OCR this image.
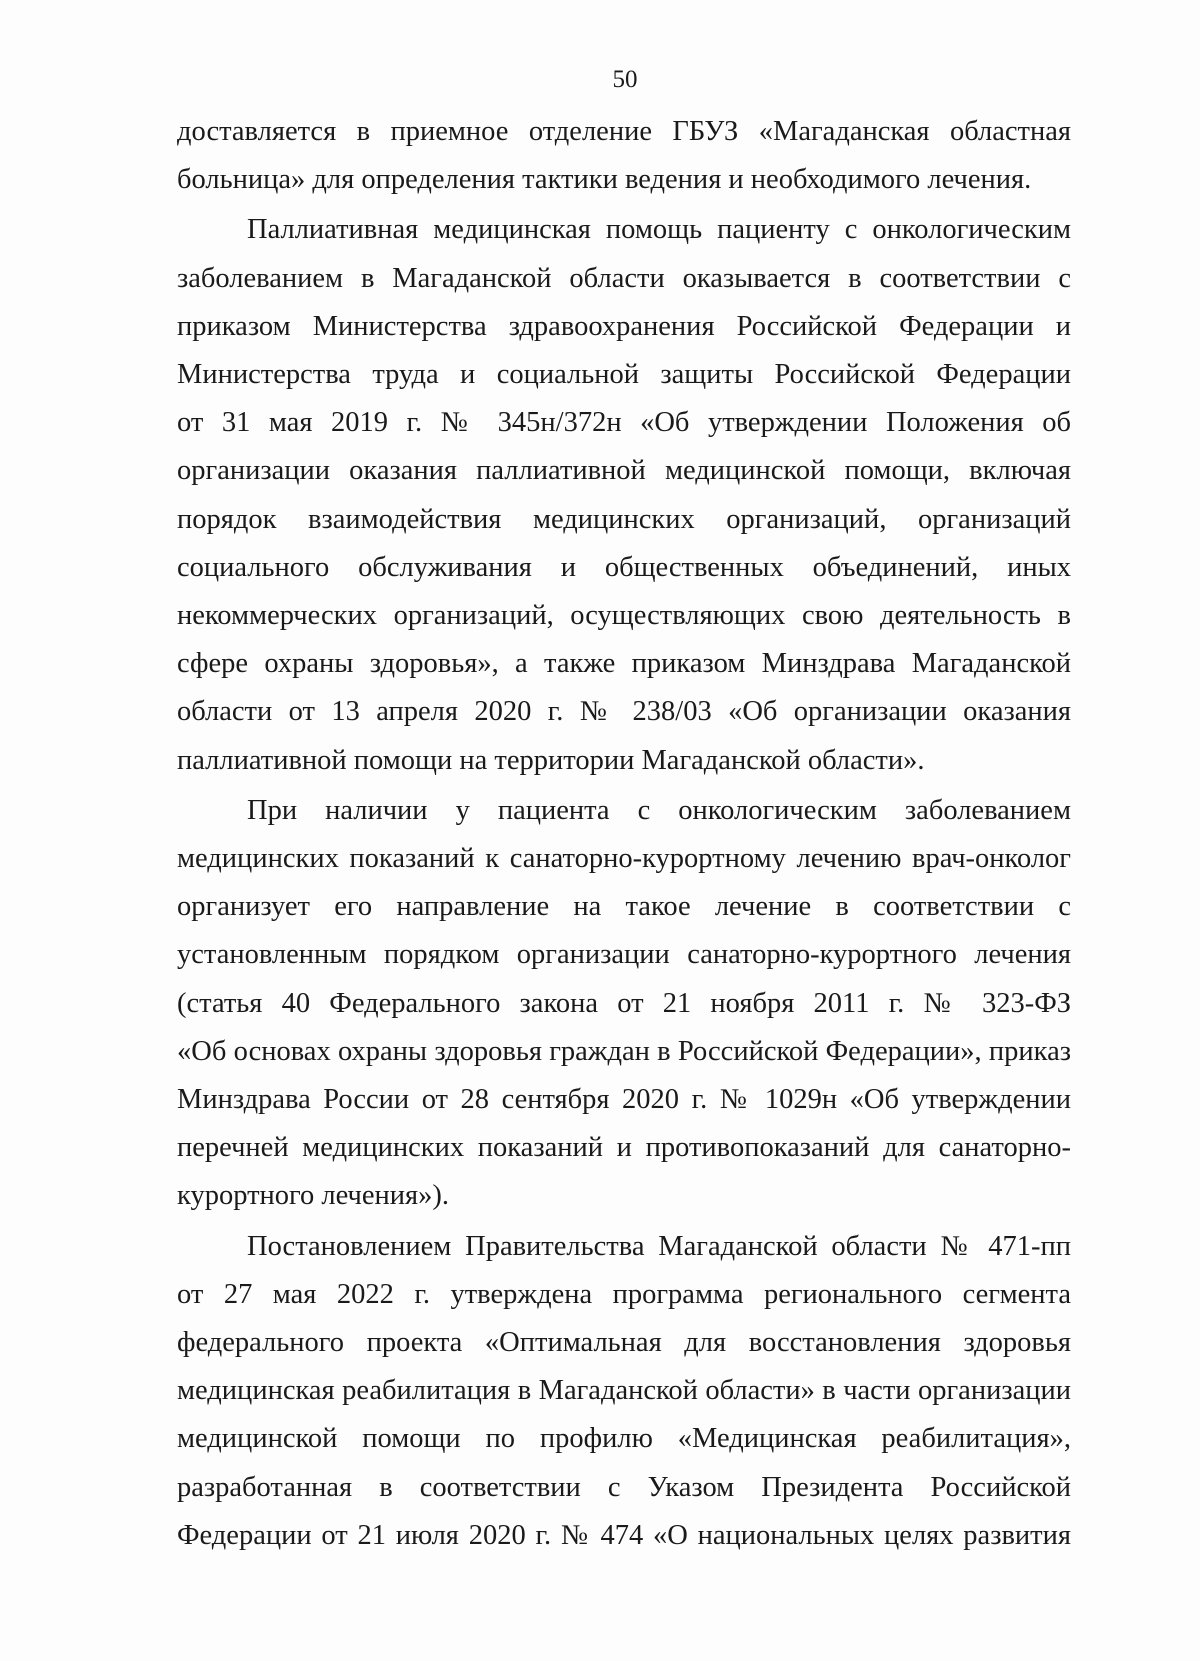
50
доставляется в приемное отделение ГБУЗ «Магаданская областная
больница» для определения тактики ведения и необходимого лечения.
Паллиативная медицинская помощь пациенту с онкологическим
заболеванием в Магаданской области оказывается в соответствии с
приказом Министерства здравоохранения Российской Федерации и
Министерства труда и социальной защиты Российской Федерации
от 31 мая 2019 г. № 345н/372н «Об утверждении Положения об
организации оказания паллиативной медицинской помощи, включая
порядок взаимодействия медицинских организаций, организаций
социального обслуживания и общественных объединений, иных
некоммерческих организаций, осуществляющих свою деятельность в
сфере охраны здоровья», а также приказом Минздрава Магаданской
области от 13 апреля 2020 г. № 238/03 «Об организации оказания
паллиативной помощи на территории Магаданской области».
При наличии у пациента с онкологическим заболеванием
медицинских показаний к санаторно-курортному лечению врач-онколог
организует его направление на такое лечение в соответствии с
установленным порядком организации санаторно-курортного лечения
(статья 40 Федерального закона от 21 ноября 2011 г. № 323-ФЗ
«Об основах охраны здоровья граждан в Российской Федерации», приказ
Минздрава России от 28 сентября 2020 г. № 1029н «Об утверждении
перечней медицинских показаний и противопоказаний для санаторно-
курортного лечения»).
Постановлением Правительства Магаданской области № 471-пп
от 27 мая 2022 г. утверждена программа регионального сегмента
федерального проекта «Оптимальная для восстановления здоровья
медицинская реабилитация в Магаданской области» в части организации
медицинской помощи по профилю «Медицинская реабилитация»,
разработанная в соответствии с Указом Президента Российской
Федерации от 21 июля 2020 г. № 474 «О национальных целях развития
